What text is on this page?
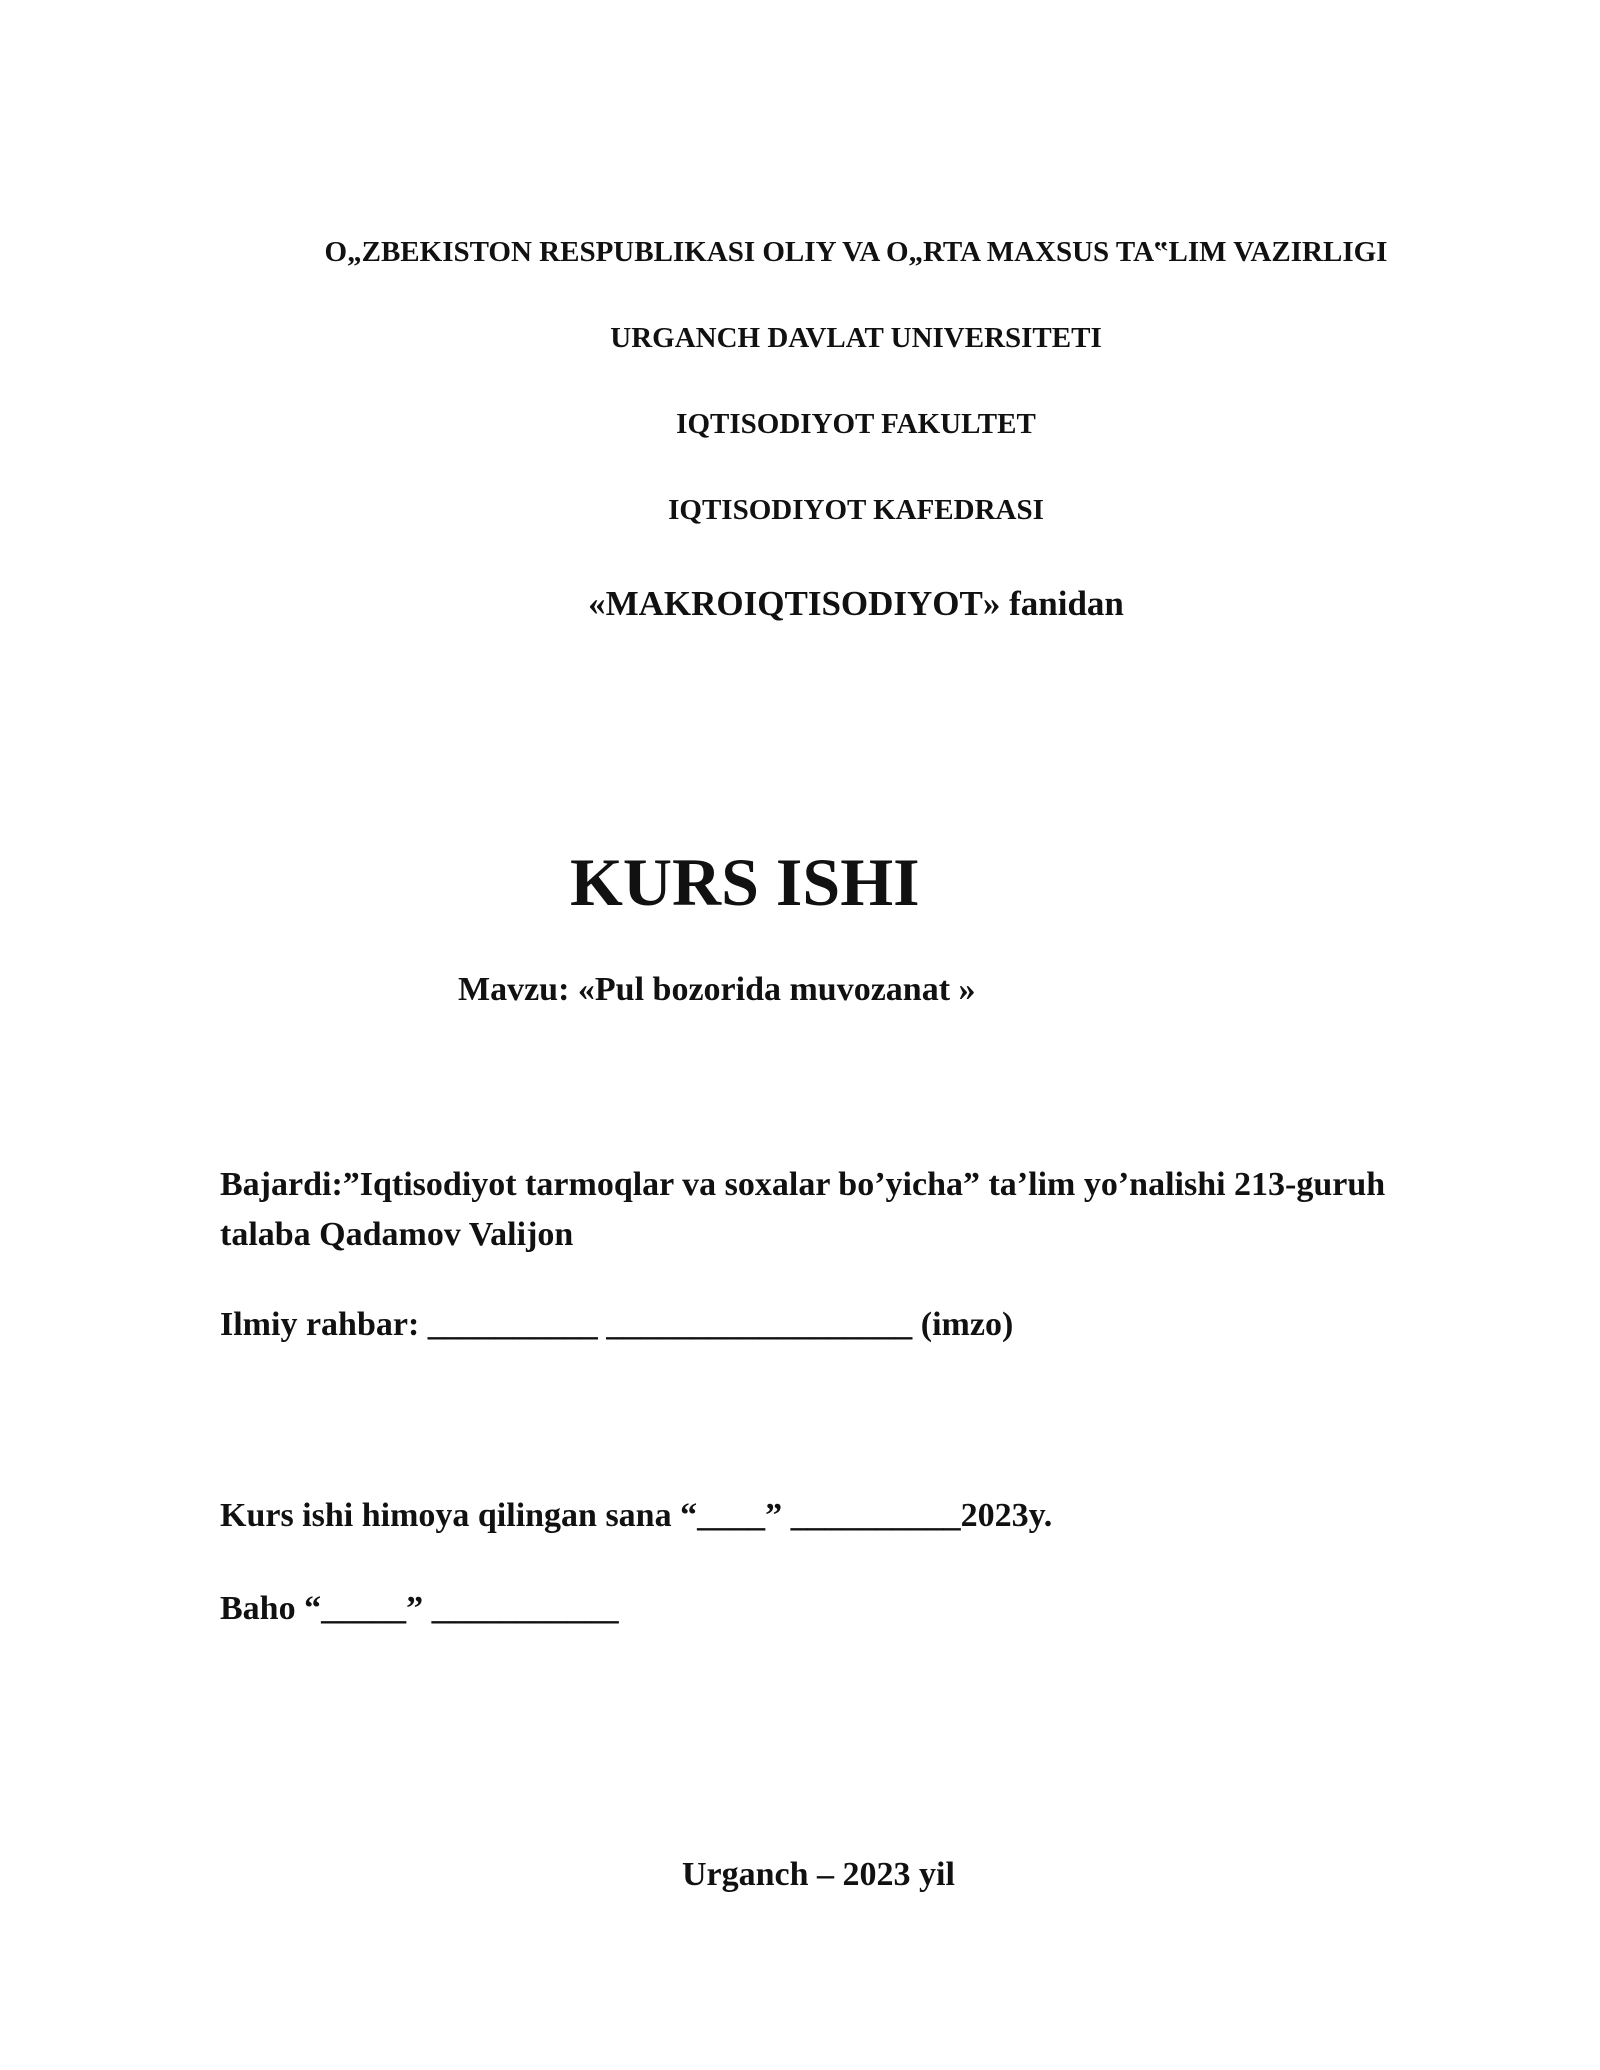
O„ZBEKISTON RESPUBLIKASI OLIY VA O„RTA MAXSUS TA‟LIM VAZIRLIGI
URGANCH DAVLAT UNIVERSITETI
IQTISODIYOT FAKULTET
IQTISODIYOT KAFEDRASI
«MAKROIQTISODIYOT» fanidan
KURS ISHI
Mavzu: «Pul bozorida muvozanat »
Bajardi:”Iqtisodiyot tarmoqlar va soxalar bo’yicha” ta’lim yo’nalishi 213-guruh
talaba Qadamov Valijon
Ilmiy rahbar: __________ __________________ (imzo)
Kurs ishi himoya qilingan sana “____” __________2023y.
Baho “_____” ___________
Urganch – 2023 yil
